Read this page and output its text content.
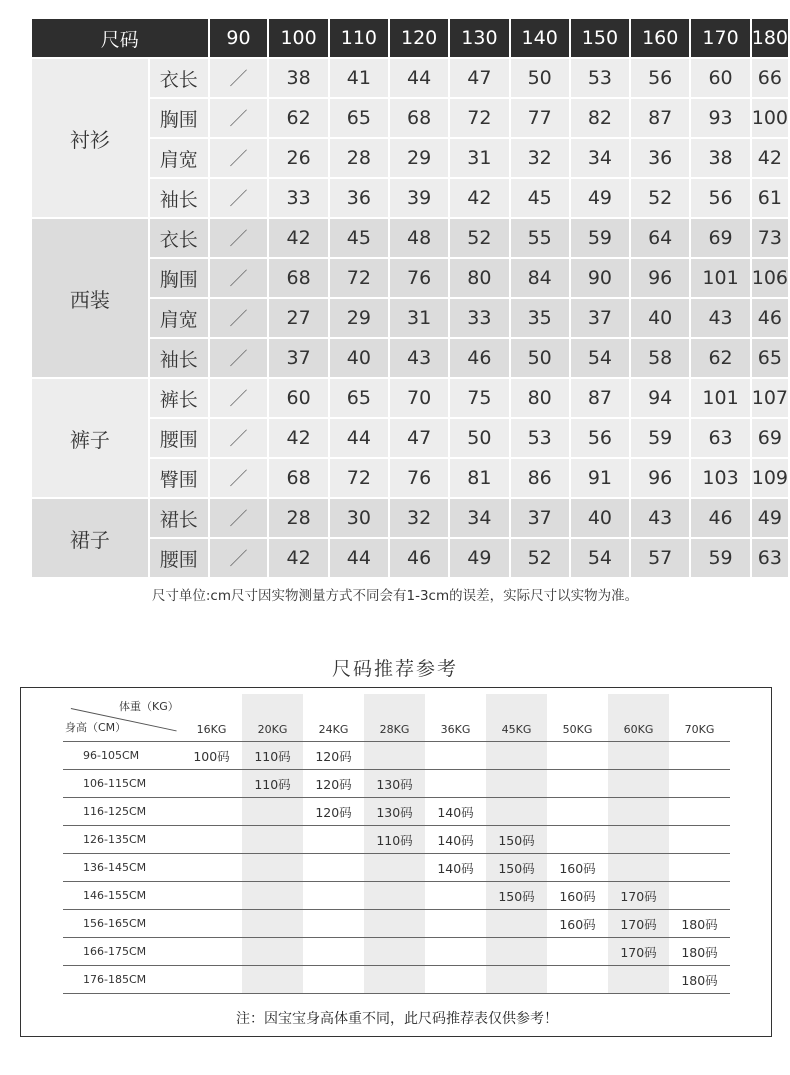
尺码		90	100	110	120	130	140	150	160	170	180
衬衫	衣长	／	38	41	44	47	50	53	56	60	66
	胸围	／	62	65	68	72	77	82	87	93	100
	肩宽	／	26	28	29	31	32	34	36	38	42
	袖长	／	33	36	39	42	45	49	52	56	61
西装	衣长	／	42	45	48	52	55	59	64	69	73
	胸围	／	68	72	76	80	84	90	96	101	106
	肩宽	／	27	29	31	33	35	37	40	43	46
	袖长	／	37	40	43	46	50	54	58	62	65
裤子	裤长	／	60	65	70	75	80	87	94	101	107
	腰围	／	42	44	47	50	53	56	59	63	69
	臀围	／	68	72	76	81	86	91	96	103	109
裙子	裙长	／	28	30	32	34	37	40	43	46	49
	腰围	／	42	44	46	49	52	54	57	59	63
尺寸单位:cm尺寸因实物测量方式不同会有1-3cm的误差，实际尺寸以实物为准。
尺码推荐参考
体重（KG）
身高（CM）	16KG	20KG	24KG	28KG	36KG	45KG	50KG	60KG	70KG
96-105CM	100码	110码	120码						
106-115CM		110码	120码	130码					
116-125CM			120码	130码	140码				
126-135CM				110码	140码	150码			
136-145CM					140码	150码	160码		
146-155CM						150码	160码	170码	
156-165CM							160码	170码	180码
166-175CM								170码	180码
176-185CM									180码
注：因宝宝身高体重不同，此尺码推荐表仅供参考！
